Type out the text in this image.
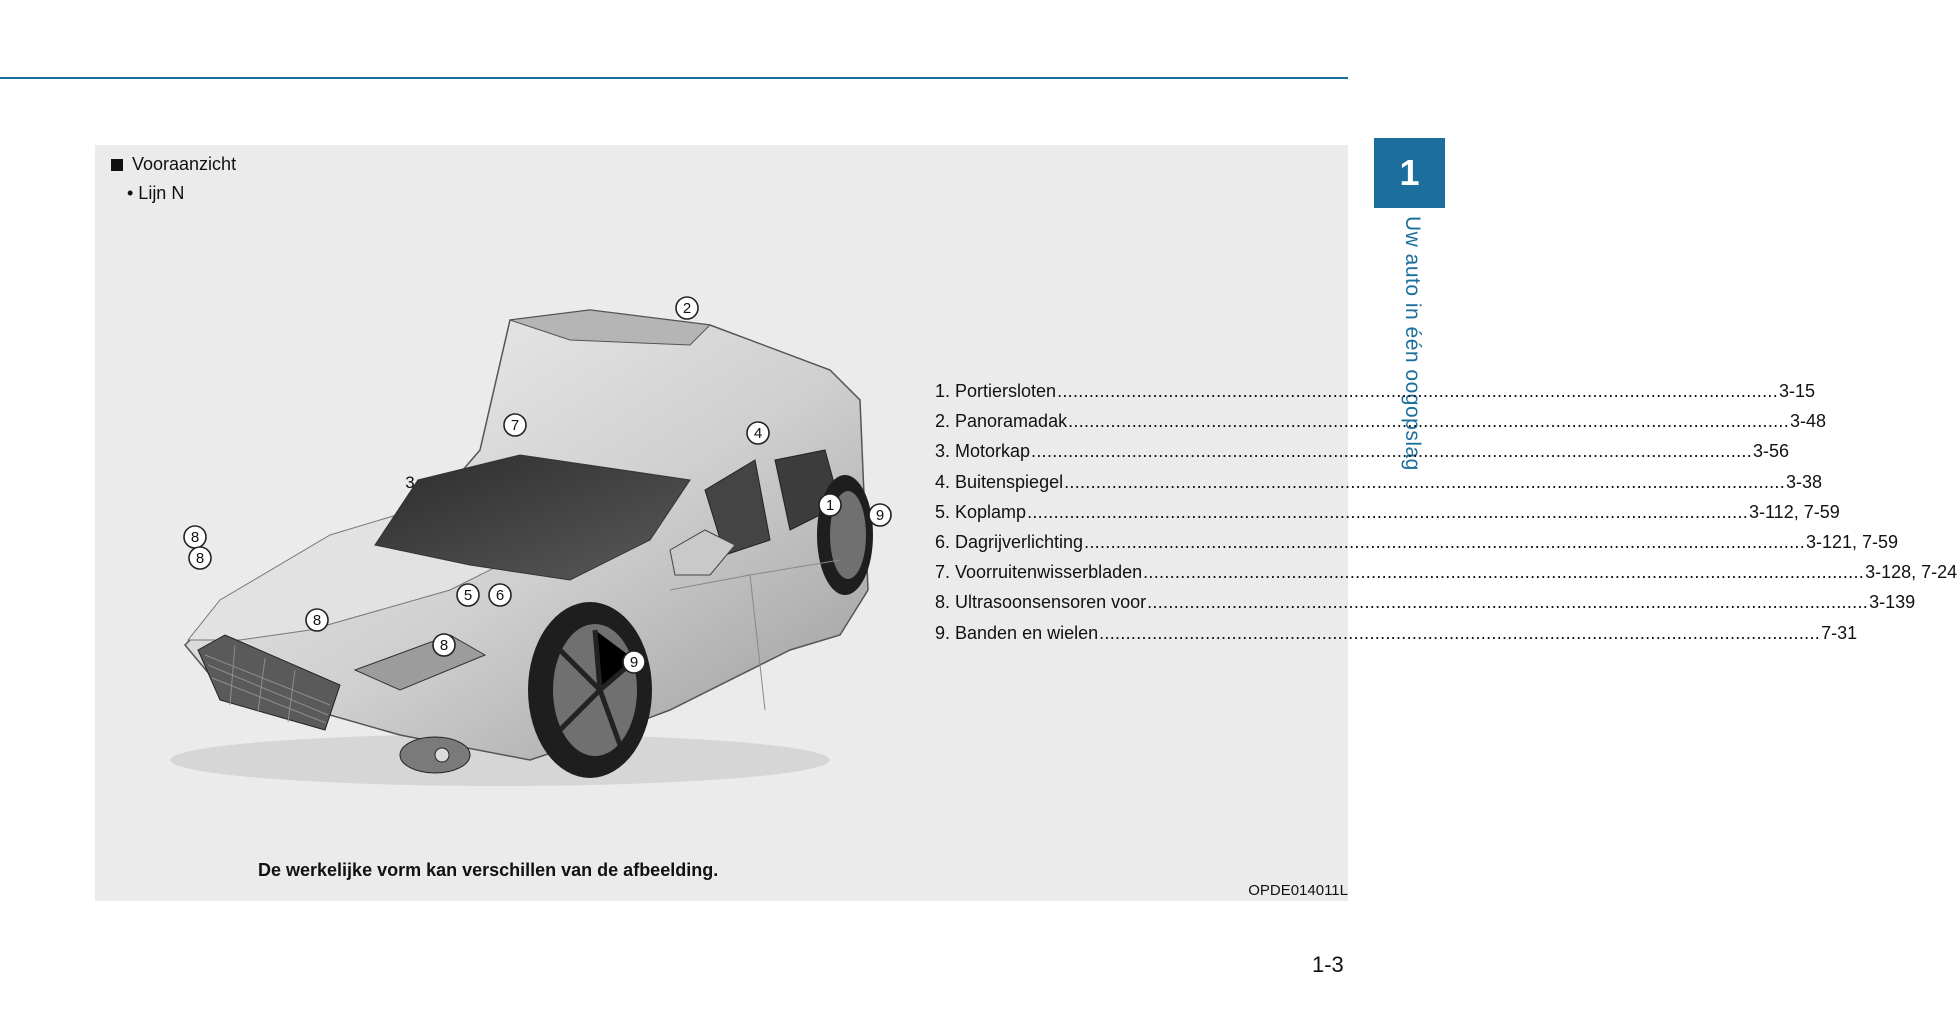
1
Uw auto in één oogopslag
Vooraanzicht
• Lijn N
2
7	4
3
1
9
8
8
5 6
8
8
9
1. Portiersloten .....	3-15
2. Panoramadak .....	3-48
3. Motorkap .....	3-56
4. Buitenspiegel .....	3-38
5. Koplamp .....	3-112, 7-59
6. Dagrijverlichting .....	3-121, 7-59
7. Voorruitenwisserbladen .....	3-128, 7-24
8. Ultrasoonsensoren voor .....	3-139
9. Banden en wielen .....	7-31
De werkelijke vorm kan verschillen van de afbeelding.
OPDE014011L
1-3
